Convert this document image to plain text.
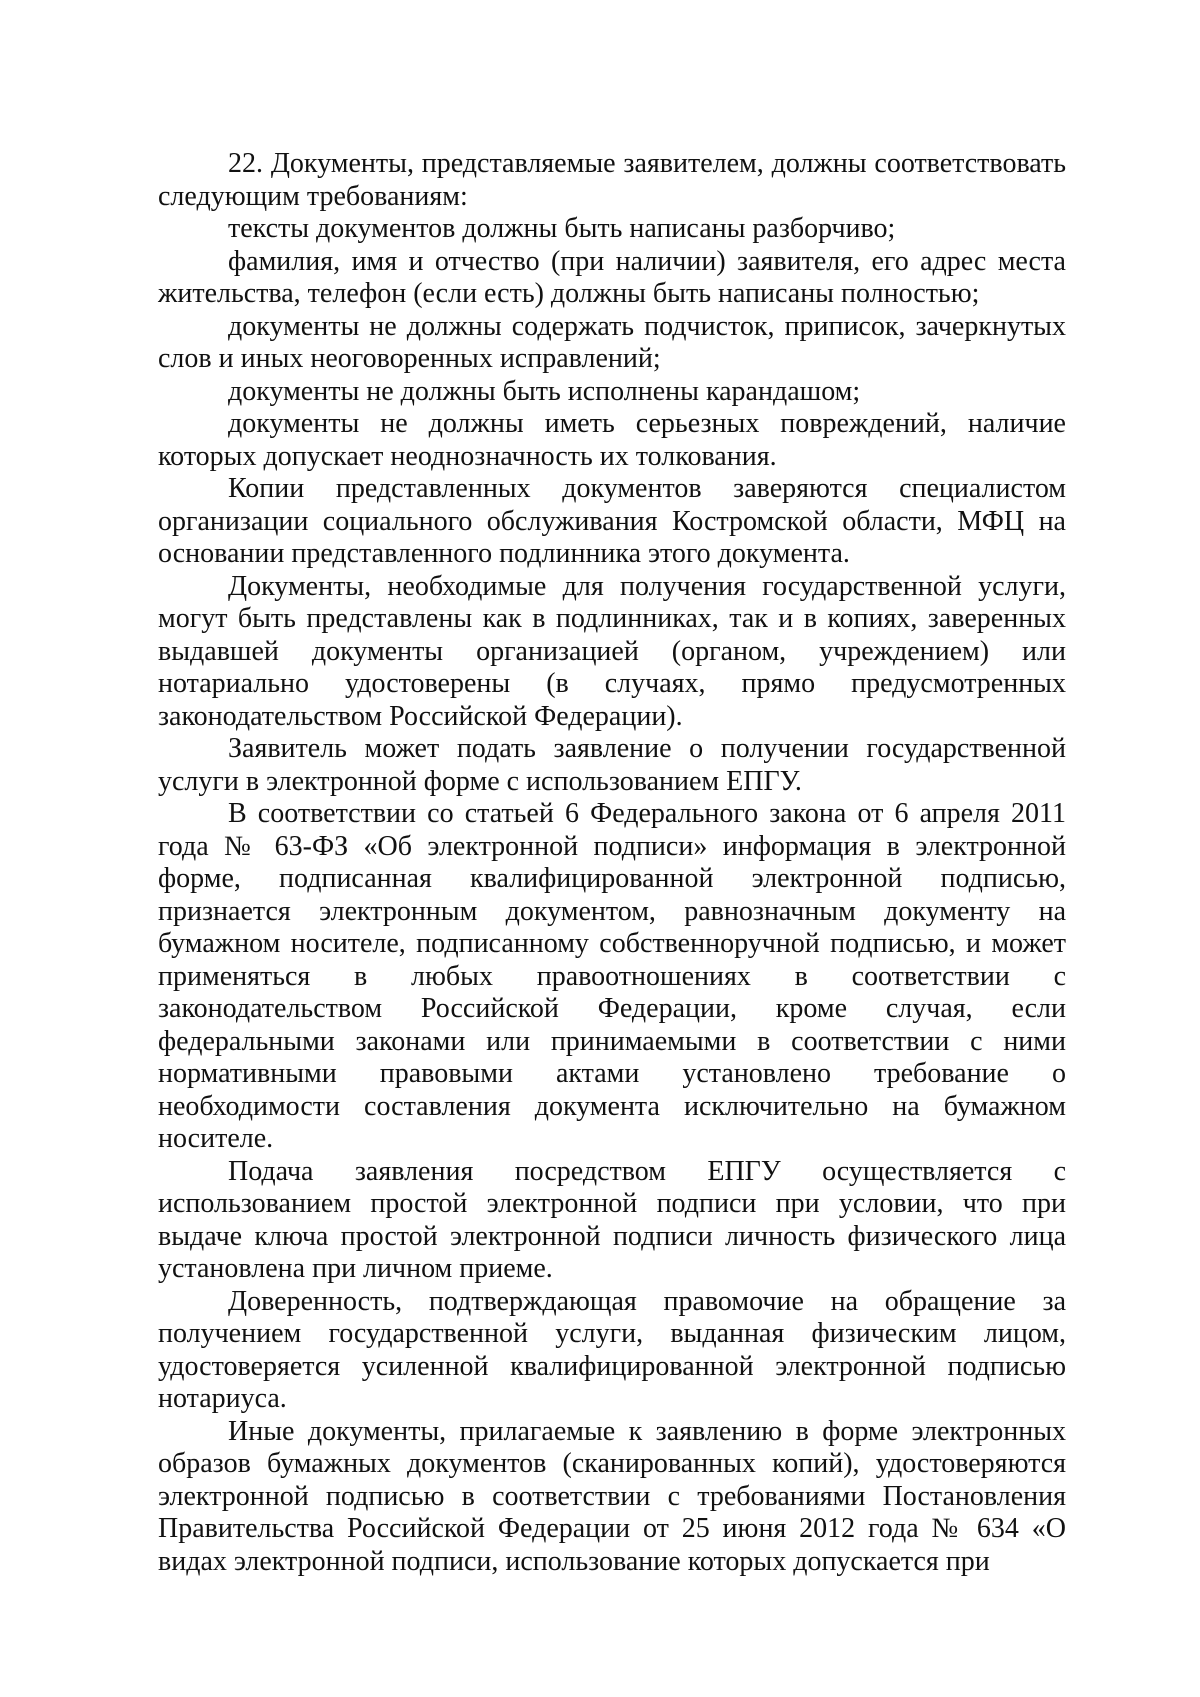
22. Документы, представляемые заявителем, должны соответствовать следующим требованиям:

тексты документов должны быть написаны разборчиво;

фамилия, имя и отчество (при наличии) заявителя, его адрес места жительства, телефон (если есть) должны быть написаны полностью;

документы не должны содержать подчисток, приписок, зачеркнутых слов и иных неоговоренных исправлений;

документы не должны быть исполнены карандашом;

документы не должны иметь серьезных повреждений, наличие которых допускает неоднозначность их толкования.

Копии представленных документов заверяются специалистом организации социального обслуживания Костромской области, МФЦ на основании представленного подлинника этого документа.

Документы, необходимые для получения государственной услуги, могут быть представлены как в подлинниках, так и в копиях, заверенных выдавшей документы организацией (органом, учреждением) или нотариально удостоверены (в случаях, прямо предусмотренных законодательством Российской Федерации).

Заявитель может подать заявление о получении государственной услуги в электронной форме с использованием ЕПГУ.

В соответствии со статьей 6 Федерального закона от 6 апреля 2011 года № 63-ФЗ «Об электронной подписи» информация в электронной форме, подписанная квалифицированной электронной подписью, признается электронным документом, равнозначным документу на бумажном носителе, подписанному собственноручной подписью, и может применяться в любых правоотношениях в соответствии с законодательством Российской Федерации, кроме случая, если федеральными законами или принимаемыми в соответствии с ними нормативными правовыми актами установлено требование о необходимости составления документа исключительно на бумажном носителе.

Подача заявления посредством ЕПГУ осуществляется с использованием простой электронной подписи при условии, что при выдаче ключа простой электронной подписи личность физического лица установлена при личном приеме.

Доверенность, подтверждающая правомочие на обращение за получением государственной услуги, выданная физическим лицом, удостоверяется усиленной квалифицированной электронной подписью нотариуса.

Иные документы, прилагаемые к заявлению в форме электронных образов бумажных документов (сканированных копий), удостоверяются электронной подписью в соответствии с требованиями Постановления Правительства Российской Федерации от 25 июня 2012 года № 634 «О видах электронной подписи, использование которых допускается при
